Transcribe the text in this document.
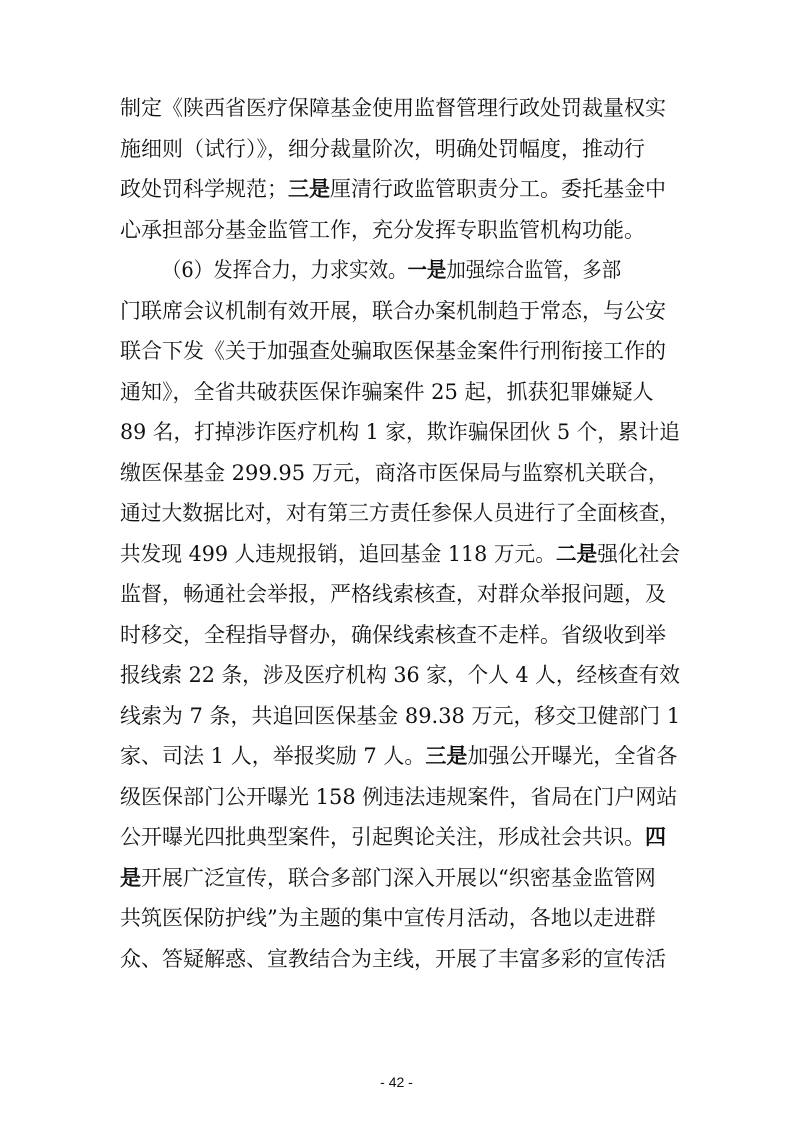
制定《陕西省医疗保障基金使用监督管理行政处罚裁量权实
施细则（试行）》，细分裁量阶次，明确处罚幅度，推动行
政处罚科学规范；三是厘清行政监管职责分工。委托基金中
心承担部分基金监管工作，充分发挥专职监管机构功能。
（6）发挥合力，力求实效。一是加强综合监管，多部
门联席会议机制有效开展，联合办案机制趋于常态，与公安
联合下发《关于加强查处骗取医保基金案件行刑衔接工作的
通知》，全省共破获医保诈骗案件 25 起，抓获犯罪嫌疑人
89 名，打掉涉诈医疗机构 1 家，欺诈骗保团伙 5 个，累计追
缴医保基金 299.95 万元，商洛市医保局与监察机关联合，
通过大数据比对，对有第三方责任参保人员进行了全面核查，
共发现 499 人违规报销，追回基金 118 万元。二是强化社会
监督，畅通社会举报，严格线索核查，对群众举报问题，及
时移交，全程指导督办，确保线索核查不走样。省级收到举
报线索 22 条，涉及医疗机构 36 家，个人 4 人，经核查有效
线索为 7 条，共追回医保基金 89.38 万元，移交卫健部门 1
家、司法 1 人，举报奖励 7 人。三是加强公开曝光，全省各
级医保部门公开曝光 158 例违法违规案件，省局在门户网站
公开曝光四批典型案件，引起舆论关注，形成社会共识。四
是开展广泛宣传，联合多部门深入开展以“织密基金监管网
共筑医保防护线”为主题的集中宣传月活动，各地以走进群
众、答疑解惑、宣教结合为主线，开展了丰富多彩的宣传活
- 42 -
